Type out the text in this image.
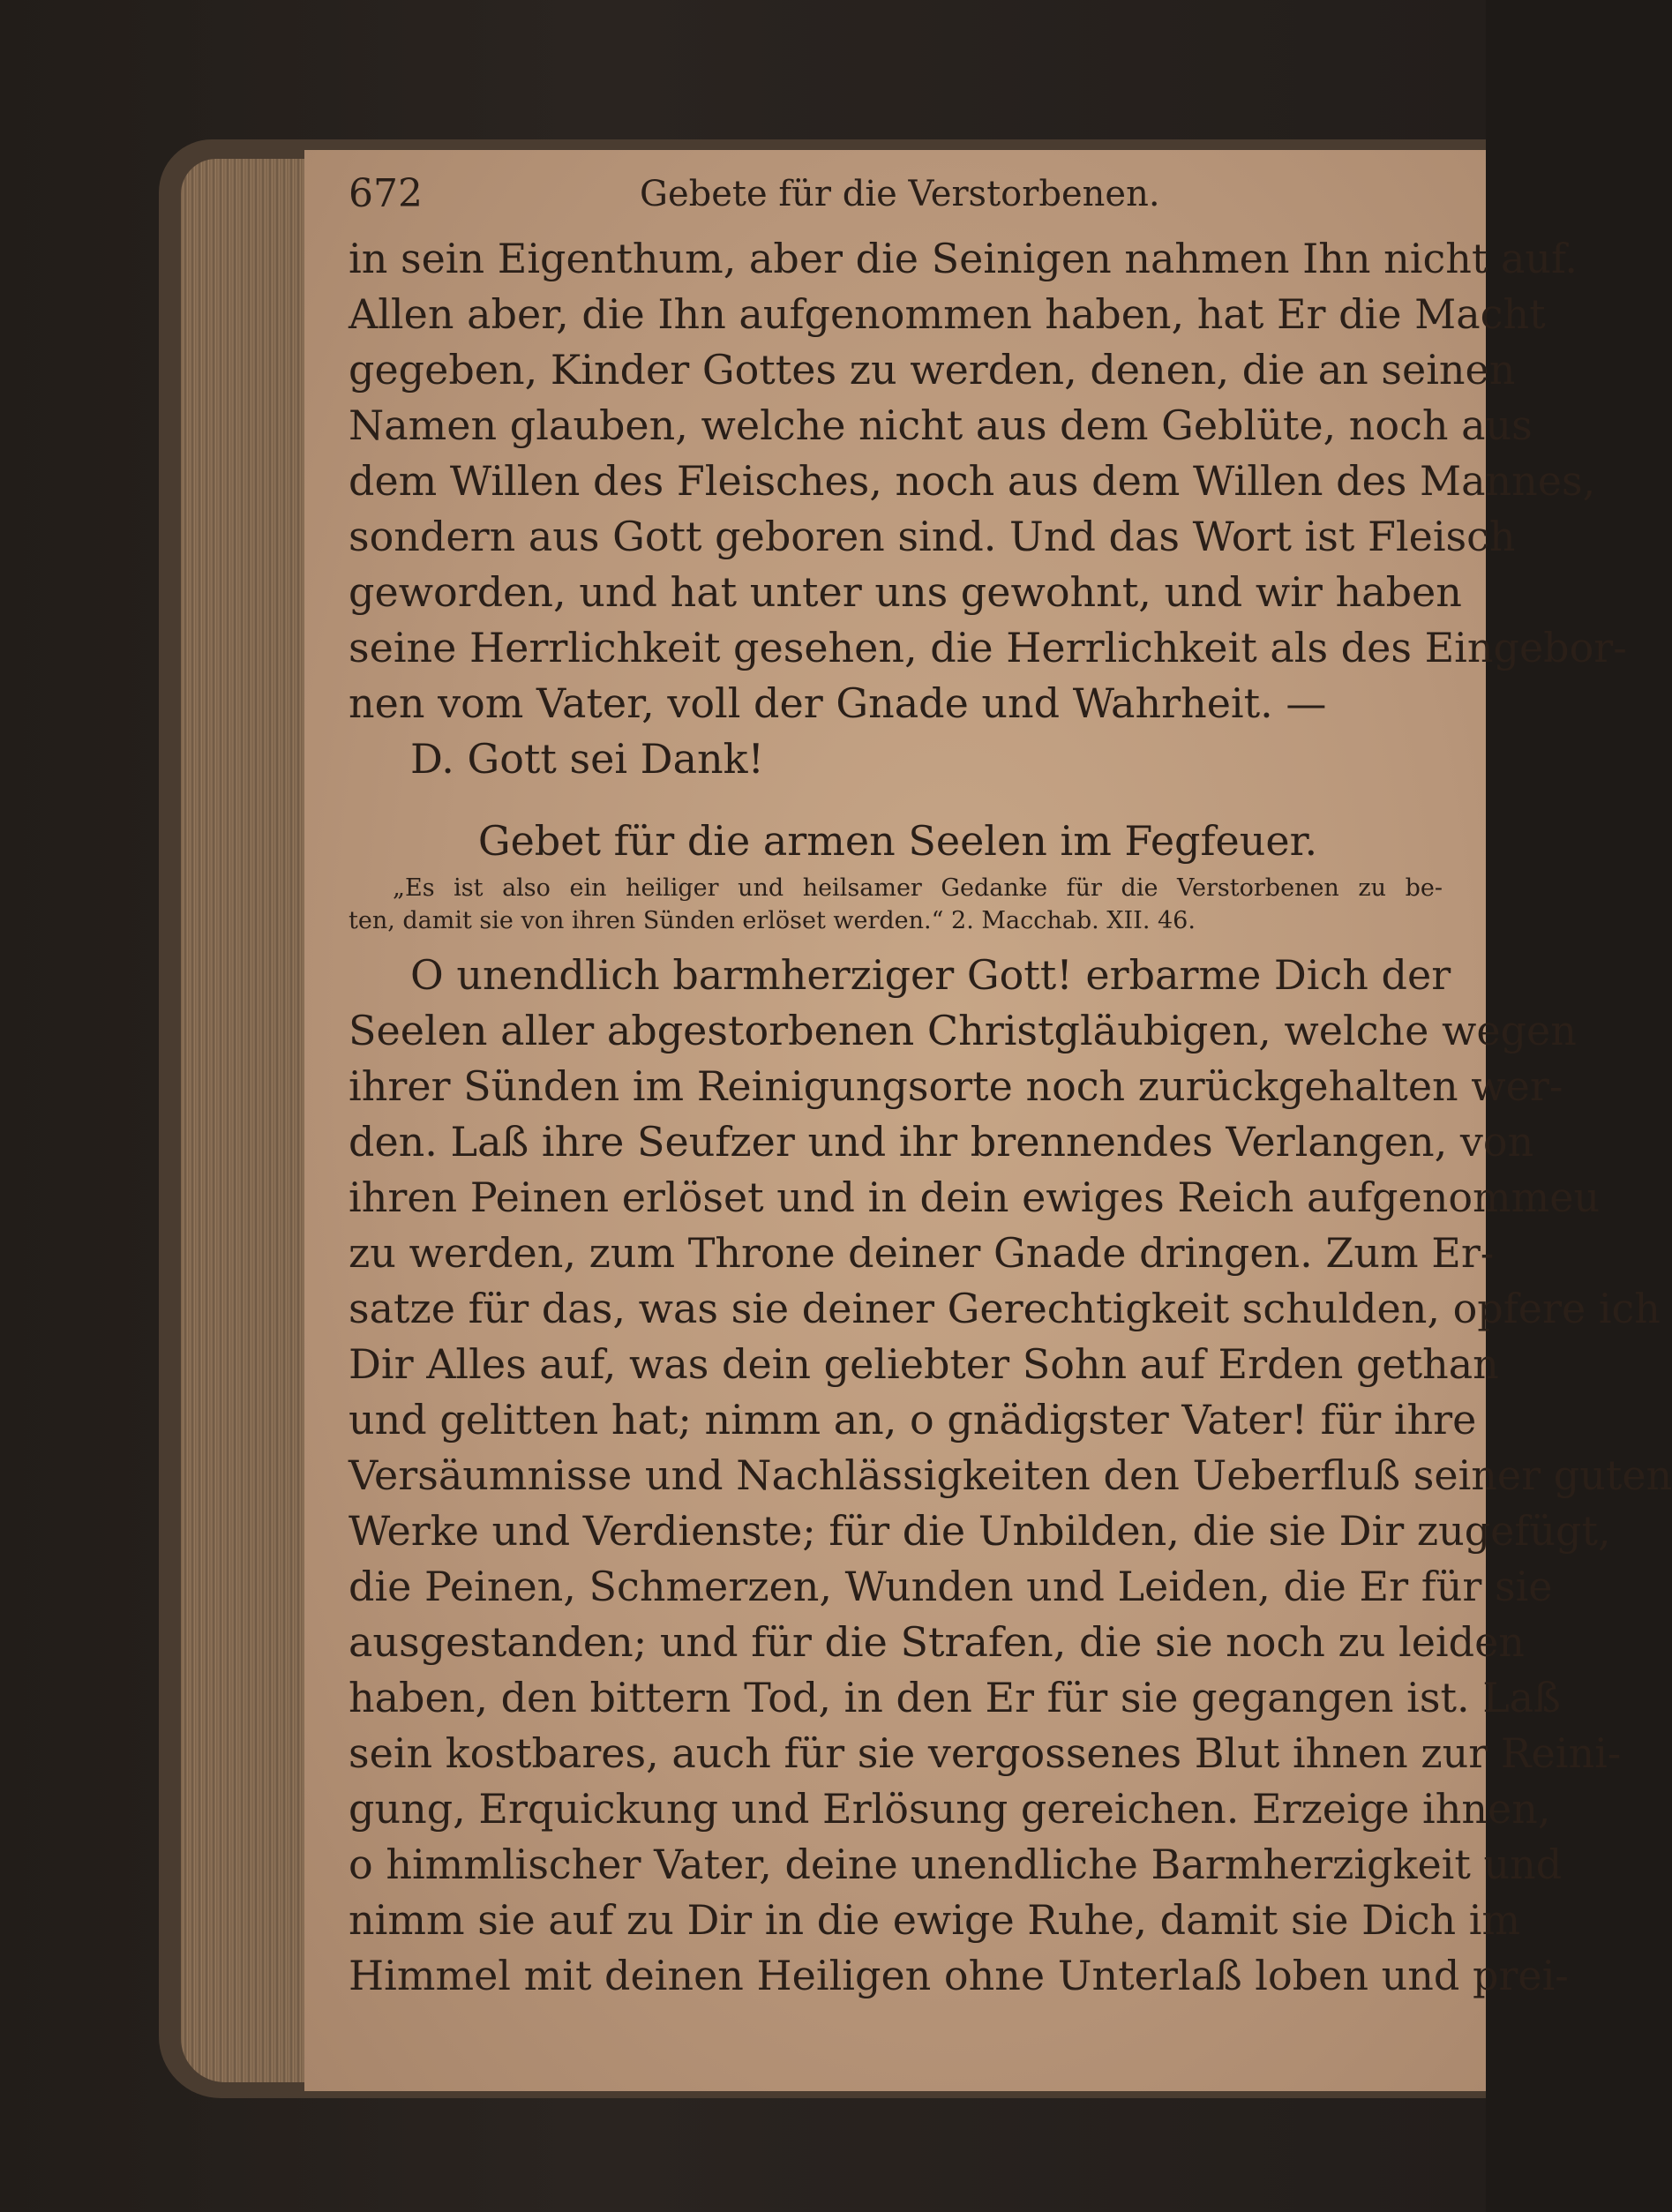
672	Gebete für die Verstorbenen.
in sein Eigenthum, aber die Seinigen nahmen Ihn nicht auf.
Allen aber, die Ihn aufgenommen haben, hat Er die Macht
gegeben, Kinder Gottes zu werden, denen, die an seinen
Namen glauben, welche nicht aus dem Geblüte, noch aus
dem Willen des Fleisches, noch aus dem Willen des Mannes,
sondern aus Gott geboren sind. Und das Wort ist Fleisch
geworden, und hat unter uns gewohnt, und wir haben
seine Herrlichkeit gesehen, die Herrlichkeit als des Eingebor-
nen vom Vater, voll der Gnade und Wahrheit. —
D. Gott sei Dank!
Gebet für die armen Seelen im Fegfeuer.
„Es ist also ein heiliger und heilsamer Gedanke für die Verstorbenen zu be-
ten, damit sie von ihren Sünden erlöset werden.“ 2. Macchab. XII. 46.
O unendlich barmherziger Gott! erbarme Dich der
Seelen aller abgestorbenen Christgläubigen, welche wegen
ihrer Sünden im Reinigungsorte noch zurückgehalten wer-
den. Laß ihre Seufzer und ihr brennendes Verlangen, von
ihren Peinen erlöset und in dein ewiges Reich aufgenommeu
zu werden, zum Throne deiner Gnade dringen. Zum Er-
satze für das, was sie deiner Gerechtigkeit schulden, opfere ich
Dir Alles auf, was dein geliebter Sohn auf Erden gethan
und gelitten hat; nimm an, o gnädigster Vater! für ihre
Versäumnisse und Nachlässigkeiten den Ueberfluß seiner guten
Werke und Verdienste; für die Unbilden, die sie Dir zugefügt,
die Peinen, Schmerzen, Wunden und Leiden, die Er für sie
ausgestanden; und für die Strafen, die sie noch zu leiden
haben, den bittern Tod, in den Er für sie gegangen ist. Laß
sein kostbares, auch für sie vergossenes Blut ihnen zur Reini-
gung, Erquickung und Erlösung gereichen. Erzeige ihnen,
o himmlischer Vater, deine unendliche Barmherzigkeit und
nimm sie auf zu Dir in die ewige Ruhe, damit sie Dich im
Himmel mit deinen Heiligen ohne Unterlaß loben und prei-
